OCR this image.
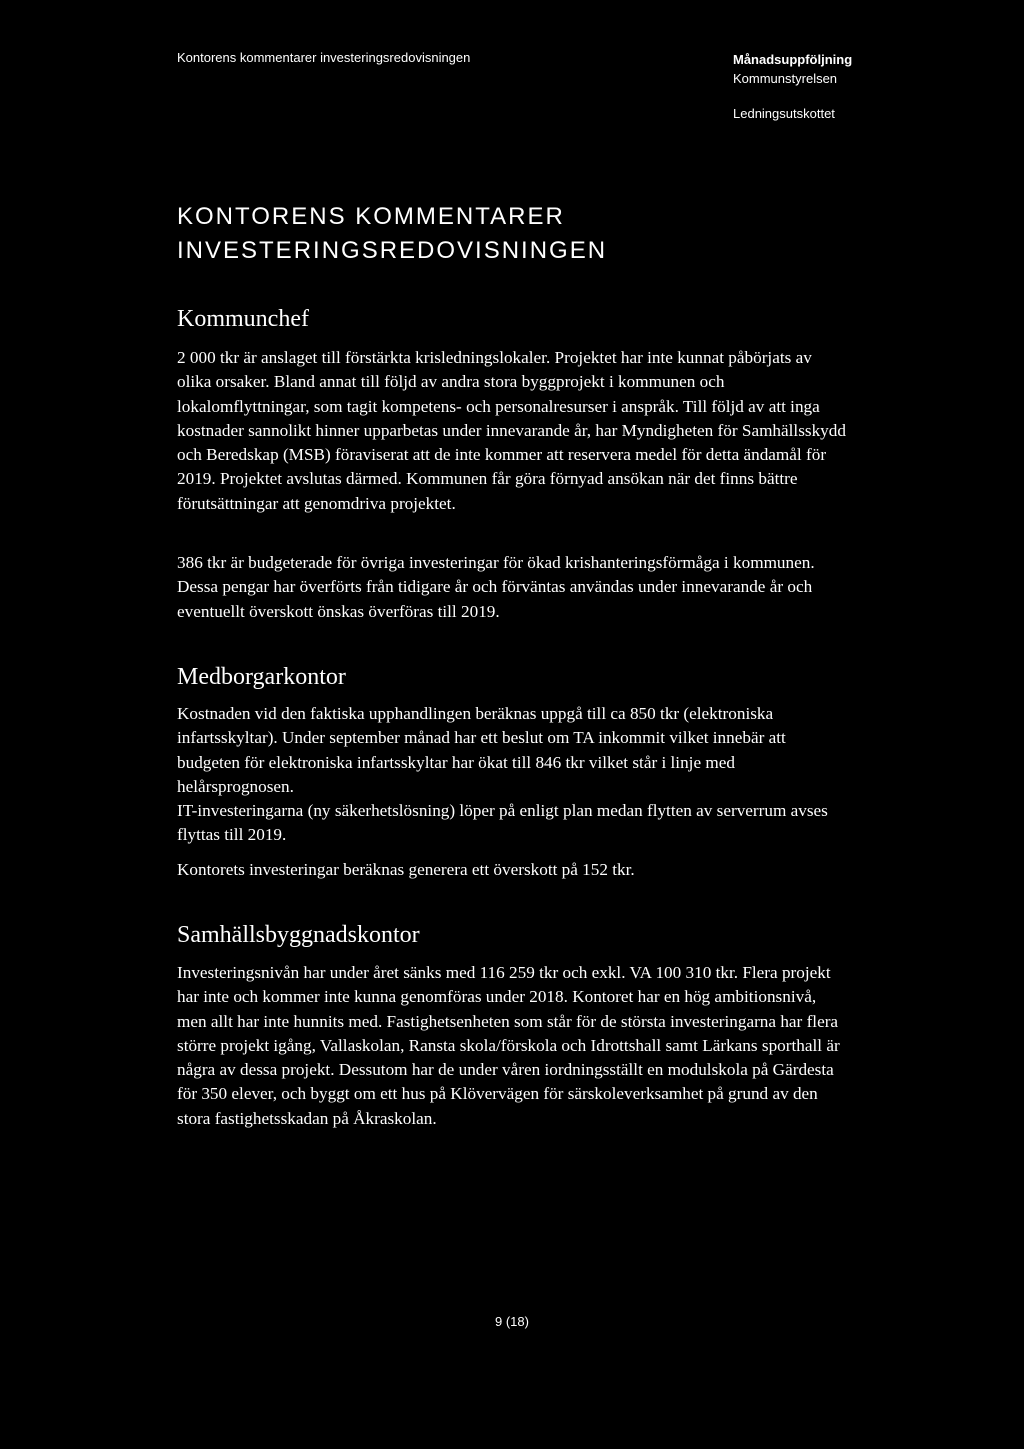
Kontorens kommentarer investeringsredovisningen	Månadsuppföljning
Kommunstyrelsen
Ledningsutskottet
KONTORENS KOMMENTARER
INVESTERINGSREDOVISNINGEN
Kommunchef

2 000 tkr är anslaget till förstärkta krisledningslokaler. Projektet har inte kunnat påbörjats av olika orsaker. Bland annat till följd av andra stora byggprojekt i kommunen och lokalomflyttningar, som tagit kompetens- och personalresurser i anspråk. Till följd av att inga kostnader sannolikt hinner upparbetas under innevarande år, har Myndigheten för Samhällsskydd och Beredskap (MSB) föraviserat att de inte kommer att reservera medel för detta ändamål för 2019. Projektet avslutas därmed. Kommunen får göra förnyad ansökan när det finns bättre förutsättningar att genomdriva projektet.

386 tkr är budgeterade för övriga investeringar för ökad krishanteringsförmåga i kommunen. Dessa pengar har överförts från tidigare år och förväntas användas under innevarande år och eventuellt överskott önskas överföras till 2019.

Medborgarkontor

Kostnaden vid den faktiska upphandlingen beräknas uppgå till ca 850 tkr (elektroniska infartsskyltar). Under september månad har ett beslut om TA inkommit vilket innebär att budgeten för elektroniska infartsskyltar har ökat till 846 tkr vilket står i linje med helårsprognosen.

IT-investeringarna (ny säkerhetslösning) löper på enligt plan medan flytten av serverrum avses flyttas till 2019.

Kontorets investeringar beräknas generera ett överskott på 152 tkr.

Samhällsbyggnadskontor

Investeringsnivån har under året sänks med 116 259 tkr och exkl. VA 100 310 tkr. Flera projekt har inte och kommer inte kunna genomföras under 2018. Kontoret har en hög ambitionsnivå, men allt har inte hunnits med. Fastighetsenheten som står för de största investeringarna har flera större projekt igång, Vallaskolan, Ransta skola/förskola och Idrottshall samt Lärkans sporthall är några av dessa projekt. Dessutom har de under våren iordningsställt en modulskola på Gärdesta för 350 elever, och byggt om ett hus på Klövervägen för särskoleverksamhet på grund av den stora fastighetsskadan på Åkraskolan.

9 (18)
